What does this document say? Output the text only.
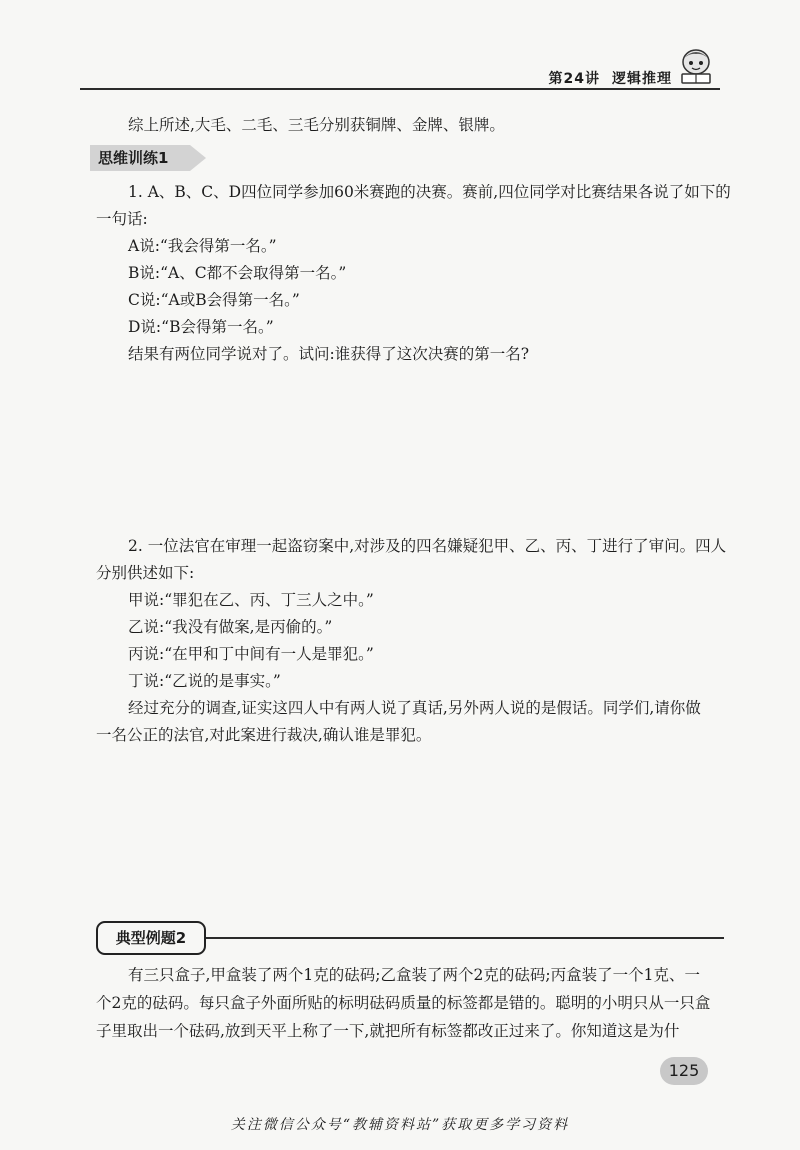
第24讲 逻辑推理
综上所述,大毛、二毛、三毛分别获铜牌、金牌、银牌。
思维训练1
1. A、B、C、D四位同学参加60米赛跑的决赛。赛前,四位同学对比赛结果各说了如下的
一句话:
A说:“我会得第一名。”
B说:“A、C都不会取得第一名。”
C说:“A或B会得第一名。”
D说:“B会得第一名。”
结果有两位同学说对了。试问:谁获得了这次决赛的第一名?
2. 一位法官在审理一起盗窃案中,对涉及的四名嫌疑犯甲、乙、丙、丁进行了审问。四人
分别供述如下:
甲说:“罪犯在乙、丙、丁三人之中。”
乙说:“我没有做案,是丙偷的。”
丙说:“在甲和丁中间有一人是罪犯。”
丁说:“乙说的是事实。”
经过充分的调查,证实这四人中有两人说了真话,另外两人说的是假话。同学们,请你做
一名公正的法官,对此案进行裁决,确认谁是罪犯。
典型例题2
有三只盒子,甲盒装了两个1克的砝码;乙盒装了两个2克的砝码;丙盒装了一个1克、一
个2克的砝码。每只盒子外面所贴的标明砝码质量的标签都是错的。聪明的小明只从一只盒
子里取出一个砝码,放到天平上称了一下,就把所有标签都改正过来了。你知道这是为什
125
关注微信公众号“教辅资料站”获取更多学习资料
